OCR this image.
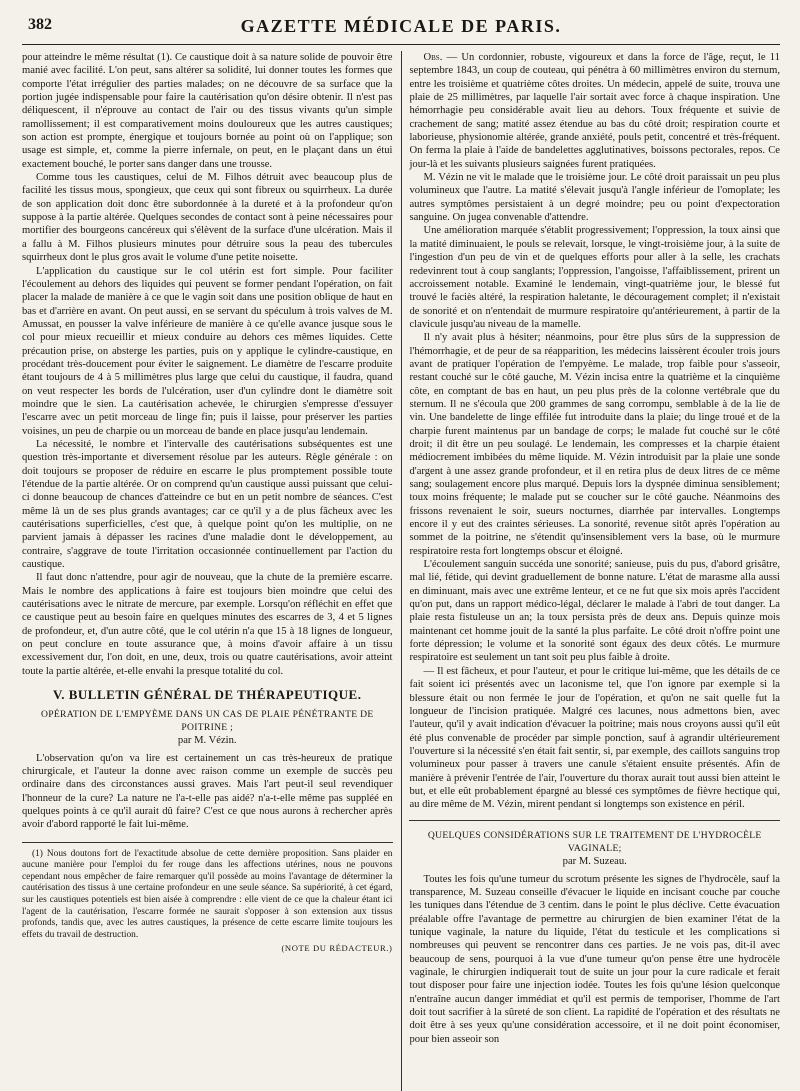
382	GAZETTE MÉDICALE DE PARIS.

pour atteindre le même résultat (1). Ce caustique doit à sa nature solide de pouvoir être manié avec facilité. L'on peut, sans altérer sa solidité, lui donner toutes les formes que comporte l'état irrégulier des parties malades; on ne découvre de sa surface que la portion jugée indispensable pour faire la cautérisation qu'on désire obtenir. Il n'est pas déliquescent, il n'éprouve au contact de l'air ou des tissus vivants qu'un simple ramollissement; il est comparativement moins douloureux que les autres caustiques; son action est prompte, énergique et toujours bornée au point où on l'applique; son usage est simple, et, comme la pierre infernale, on peut, en le plaçant dans un étui exactement bouché, le porter sans danger dans une trousse.

Comme tous les caustiques, celui de M. Filhos détruit avec beaucoup plus de facilité les tissus mous, spongieux, que ceux qui sont fibreux ou squirrheux. La durée de son application doit donc être subordonnée à la dureté et à la profondeur qu'on suppose à la partie altérée. Quelques secondes de contact sont à peine nécessaires pour mortifier des bourgeons cancéreux qui s'élèvent de la surface d'une ulcération. Mais il a fallu à M. Filhos plusieurs minutes pour détruire sous la peau des tubercules squirrheux dont le plus gros avait le volume d'une petite noisette.

L'application du caustique sur le col utérin est fort simple. Pour faciliter l'écoulement au dehors des liquides qui peuvent se former pendant l'opération, on fait placer la malade de manière à ce que le vagin soit dans une position oblique de haut en bas et d'arrière en avant. On peut aussi, en se servant du spéculum à trois valves de M. Amussat, en pousser la valve inférieure de manière à ce qu'elle avance jusque sous le col pour mieux recueillir et mieux conduire au dehors ces mêmes liquides. Cette précaution prise, on absterge les parties, puis on y applique le cylindre-caustique, en procédant très-doucement pour éviter le saignement. Le diamètre de l'escarre produite étant toujours de 4 à 5 millimètres plus large que celui du caustique, il faudra, quand on veut respecter les bords de l'ulcération, user d'un cylindre dont le diamètre soit moindre que le sien. La cautérisation achevée, le chirurgien s'empresse d'essuyer l'escarre avec un petit morceau de linge fin; puis il laisse, pour préserver les parties voisines, un peu de charpie ou un morceau de bande en place jusqu'au lendemain.

La nécessité, le nombre et l'intervalle des cautérisations subséquentes est une question très-importante et diversement résolue par les auteurs. Règle générale : on doit toujours se proposer de réduire en escarre le plus promptement possible toute l'étendue de la partie altérée. Or on comprend qu'un caustique aussi puissant que celui-ci donne beaucoup de chances d'atteindre ce but en un petit nombre de séances. C'est même là un de ses plus grands avantages; car ce qu'il y a de plus fâcheux avec les cautérisations superficielles, c'est que, à quelque point qu'on les multiplie, on ne parvient jamais à dépasser les racines d'une maladie dont le développement, au contraire, s'aggrave de toute l'irritation occasionnée continuellement par l'action du caustique.

Il faut donc n'attendre, pour agir de nouveau, que la chute de la première escarre. Mais le nombre des applications à faire est toujours bien moindre que celui des cautérisations avec le nitrate de mercure, par exemple. Lorsqu'on réfléchit en effet que ce caustique peut au besoin faire en quelques minutes des escarres de 3, 4 et 5 lignes de profondeur, et, d'un autre côté, que le col utérin n'a que 15 à 18 lignes de longueur, on peut conclure en toute assurance que, à moins d'avoir affaire à un tissu excessivement dur, l'on doit, en une, deux, trois ou quatre cautérisations, avoir atteint toute la partie altérée, et-elle envahi la presque totalité du col.

V. BULLETIN GÉNÉRAL DE THÉRAPEUTIQUE.
OPÉRATION DE L'EMPYÈME DANS UN CAS DE PLAIE PÉNÉTRANTE DE POITRINE ;
par M. Vézin.

L'observation qu'on va lire est certainement un cas très-heureux de pratique chirurgicale, et l'auteur la donne avec raison comme un exemple de succès peu ordinaire dans des circonstances aussi graves. Mais l'art peut-il seul revendiquer l'honneur de la cure? La nature ne l'a-t-elle pas aidé? n'a-t-elle même pas suppléé en quelques points à ce qu'il aurait dû faire? C'est ce que nous aurons à rechercher après avoir d'abord rapporté le fait lui-même.

(1) Nous doutons fort de l'exactitude absolue de cette dernière proposition. Sans plaider en aucune manière pour l'emploi du fer rouge dans les affections utérines, nous ne pouvons cependant nous empêcher de faire remarquer qu'il possède au moins l'avantage de déterminer la cautérisation des tissus à une certaine profondeur en une seule séance. Sa supériorité, à cet égard, sur les caustiques potentiels est bien aisée à comprendre : elle vient de ce que la chaleur étant ici l'agent de la cautérisation, l'escarre formée ne saurait s'opposer à son extension aux tissus profonds, tandis que, avec les autres caustiques, la présence de cette escarre limite toujours les effets du travail de destruction.

(NOTE DU RÉDACTEUR.)

Obs. — Un cordonnier, robuste, vigoureux et dans la force de l'âge, reçut, le 11 septembre 1843, un coup de couteau, qui pénétra à 60 millimètres environ du sternum, entre les troisième et quatrième côtes droites. Un médecin, appelé de suite, trouva une plaie de 25 millimètres, par laquelle l'air sortait avec force à chaque inspiration. Une hémorrhagie peu considérable avait lieu au dehors. Toux fréquente et suivie de crachement de sang; matité assez étendue au bas du côté droit; respiration courte et laborieuse, physionomie altérée, grande anxiété, pouls petit, concentré et très-fréquent. On ferma la plaie à l'aide de bandelettes agglutinatives, boissons pectorales, repos. Ce jour-là et les suivants plusieurs saignées furent pratiquées.

M. Vézin ne vit le malade que le troisième jour. Le côté droit paraissait un peu plus volumineux que l'autre. La matité s'élevait jusqu'à l'angle inférieur de l'omoplate; les autres symptômes persistaient à un degré moindre; peu ou point d'expectoration sanguine. On jugea convenable d'attendre.

Une amélioration marquée s'établit progressivement; l'oppression, la toux ainsi que la matité diminuaient, le pouls se relevait, lorsque, le vingt-troisième jour, à la suite de l'ingestion d'un peu de vin et de quelques efforts pour aller à la selle, les crachats redevinrent tout à coup sanglants; l'oppression, l'angoisse, l'affaiblissement, prirent un accroissement notable. Examiné le lendemain, vingt-quatrième jour, le blessé fut trouvé le faciès altéré, la respiration haletante, le découragement complet; il n'existait de sonorité et on n'entendait de murmure respiratoire qu'antérieurement, à partir de la clavicule jusqu'au niveau de la mamelle.

Il n'y avait plus à hésiter; néanmoins, pour être plus sûrs de la suppression de l'hémorrhagie, et de peur de sa réapparition, les médecins laissèrent écouler trois jours avant de pratiquer l'opération de l'empyème. Le malade, trop faible pour s'asseoir, restant couché sur le côté gauche, M. Vézin incisa entre la quatrième et la cinquième côte, en comptant de bas en haut, un peu plus près de la colonne vertébrale que du sternum. Il ne s'écoula que 200 grammes de sang corrompu, semblable à de la lie de vin. Une bandelette de linge effilée fut introduite dans la plaie; du linge troué et de la charpie furent maintenus par un bandage de corps; le malade fut couché sur le côté droit; il dit être un peu soulagé. Le lendemain, les compresses et la charpie étaient médiocrement imbibées du même liquide. M. Vézin introduisit par la plaie une sonde d'argent à une assez grande profondeur, et il en retira plus de deux litres de ce même sang; soulagement encore plus marqué. Depuis lors la dyspnée diminua sensiblement; toux moins fréquente; le malade put se coucher sur le côté gauche. Néanmoins des frissons revenaient le soir, sueurs nocturnes, diarrhée par intervalles. Longtemps encore il y eut des craintes sérieuses. La sonorité, revenue sitôt après l'opération au sommet de la poitrine, ne s'étendit qu'insensiblement vers la base, où le murmure respiratoire resta fort longtemps obscur et éloigné.

L'écoulement sanguin succéda une sonorité; sanieuse, puis du pus, d'abord grisâtre, mal lié, fétide, qui devint graduellement de bonne nature. L'état de marasme alla aussi en diminuant, mais avec une extrême lenteur, et ce ne fut que six mois après l'accident qu'on put, dans un rapport médico-légal, déclarer le malade à l'abri de tout danger. La plaie resta fistuleuse un an; la toux persista près de deux ans. Depuis quinze mois maintenant cet homme jouit de la santé la plus parfaite. Le côté droit n'offre point une forte dépression; le volume et la sonorité sont égaux des deux côtés. Le murmure respiratoire est seulement un tant soit peu plus faible à droite.

— Il est fâcheux, et pour l'auteur, et pour le critique lui-même, que les détails de ce fait soient ici présentés avec un laconisme tel, que l'on ignore par exemple si la blessure était ou non fermée le jour de l'opération, et qu'on ne sait quelle fut la longueur de l'incision pratiquée. Malgré ces lacunes, nous admettons bien, avec l'auteur, qu'il y avait indication d'évacuer la poitrine; mais nous croyons aussi qu'il eût été plus convenable de procéder par simple ponction, sauf à agrandir ultérieurement l'ouverture si la nécessité s'en était fait sentir, si, par exemple, des caillots sanguins trop volumineux pour passer à travers une canule s'étaient ensuite présentés. Afin de manière à prévenir l'entrée de l'air, l'ouverture du thorax aurait tout aussi bien atteint le but, et elle eût probablement épargné au blessé ces symptômes de fièvre hectique qui, au dire même de M. Vézin, mirent pendant si longtemps son existence en péril.

QUELQUES CONSIDÉRATIONS SUR LE TRAITEMENT DE L'HYDROCÈLE VAGINALE;
par M. Suzeau.

Toutes les fois qu'une tumeur du scrotum présente les signes de l'hydrocèle, sauf la transparence, M. Suzeau conseille d'évacuer le liquide en incisant couche par couche les tuniques dans l'étendue de 3 centim. dans le point le plus déclive. Cette évacuation préalable offre l'avantage de permettre au chirurgien de bien examiner l'état de la tunique vaginale, la nature du liquide, l'état du testicule et les complications si nombreuses qui peuvent se rencontrer dans ces parties. Je ne vois pas, dit-il avec beaucoup de sens, pourquoi à la vue d'une tumeur qu'on pense être une hydrocèle vaginale, le chirurgien indiquerait tout de suite un jour pour la cure radicale et ferait tout disposer pour faire une injection iodée. Toutes les fois qu'une lésion quelconque n'entraîne aucun danger immédiat et qu'il est permis de temporiser, l'homme de l'art doit tout sacrifier à la sûreté de son client. La rapidité de l'opération et des résultats ne doit être à ses yeux qu'une considération accessoire, et il ne doit point économiser, pour bien asseoir son
